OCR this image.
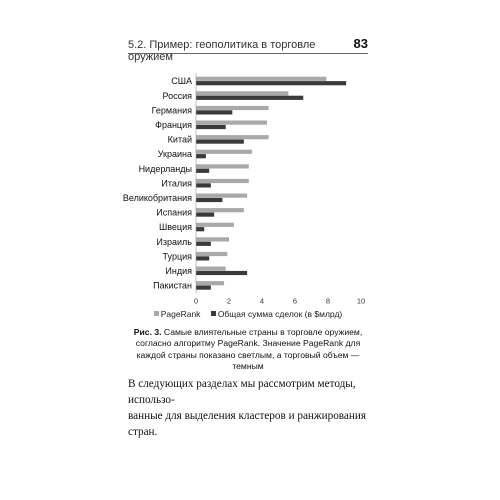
5.2. Пример: геополитика в торговле оружием
83
США
Россия
Германия
Франция
Китай
Украина
Нидерланды
Италия
Великобритания
Испания
Швеция
Израиль
Турция
Индия
Пакистан
0	2	4	6	8	10
PageRank Общая сумма сделок (в $млрд)
Рис. 3. Самые влиятельные страны в торговле оружием, согласно алгоритму PageRank. Значение PageRank для каждой страны показано светлым, а торговый объем — темным
В следующих разделах мы рассмотрим методы, использо-
ванные для выделения кластеров и ранжирования стран.
